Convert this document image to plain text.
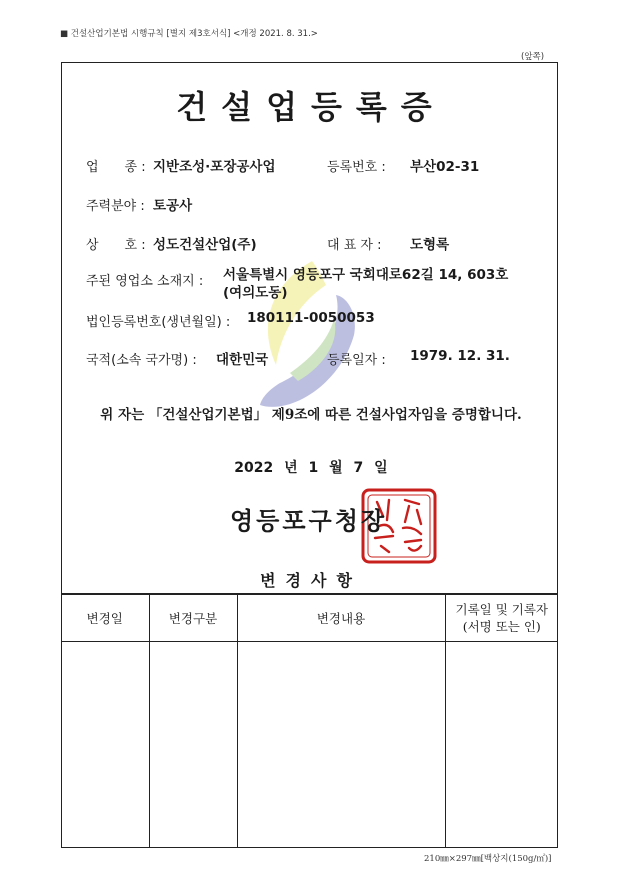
■ 건설산업기본법 시행규칙 [별지 제3호서식] <개정 2021. 8. 31.>
(앞쪽)
건설업등록증
업　　종 : 지반조성·포장공사업	등록번호 : 부산02-31
주력분야 : 토공사
상　　호 : 성도건설산업(주)	대 표 자 : 도형록
주된 영업소 소재지 : 서울특별시 영등포구 국회대로62길 14, 603호
(여의도동)
법인등록번호(생년월일) : 180111-0050053
국적(소속 국가명) : 대한민국	등록일자 : 1979. 12. 31.
위 자는 「건설산업기본법」 제9조에 따른 건설사업자임을 증명합니다.
2022 년 1 월 7 일
영등포구청장
변경사항
변경일	변경구분	변경내용	기록일 및 기록자
(서명 또는 인)

210㎜×297㎜[백상지(150g/㎡)]
